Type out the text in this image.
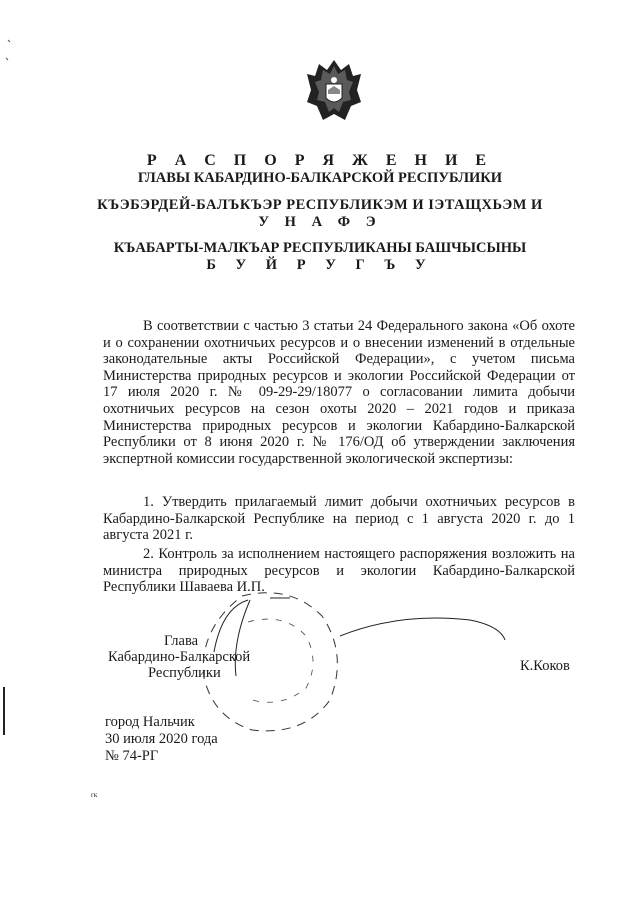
Р А С П О Р Я Ж Е Н И Е
ГЛАВЫ КАБАРДИНО-БАЛКАРСКОЙ РЕСПУБЛИКИ
КЪЭБЭРДЕЙ-БАЛЪКЪЭР РЕСПУБЛИКЭМ И ІЭТАЩХЬЭМ И
У Н А Ф Э
КЪАБАРТЫ-МАЛКЪАР РЕСПУБЛИКАНЫ БАШЧЫСЫНЫ
Б У Й Р У Г Ъ У
В соответствии с частью 3 статьи 24 Федерального закона «Об охоте и о сохранении охотничьих ресурсов и о внесении изменений в отдельные законодательные акты Российской Федерации», с учетом письма Министерства природных ресурсов и экологии Российской Федерации от 17 июля 2020 г. № 09-29-29/18077 о согласовании лимита добычи охотничьих ресурсов на сезон охоты 2020 – 2021 годов и приказа Министерства природных ресурсов и экологии Кабардино-Балкарской Республики от 8 июня 2020 г. № 176/ОД об утверждении заключения экспертной комиссии государственной экологической экспертизы:
1. Утвердить прилагаемый лимит добычи охотничьих ресурсов в Кабардино-Балкарской Республике на период с 1 августа 2020 г. до 1 августа 2021 г.
2. Контроль за исполнением настоящего распоряжения возложить на министра природных ресурсов и экологии Кабардино-Балкарской Республики Шаваева И.П.
Глава
Кабардино-Балкарской
Республики	К.Коков
город Нальчик
30 июля 2020 года
№ 74-РГ
гк
